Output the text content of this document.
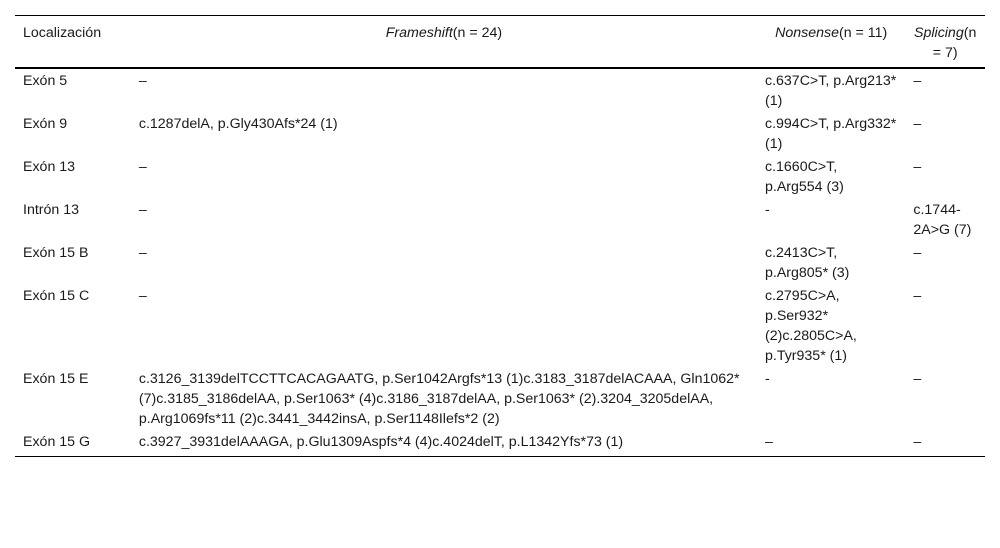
Localización	Frameshift(n = 24)	Nonsense(n = 11)	Splicing(n = 7)
Exón 5	–	c.637C>T, p.Arg213* (1)	–
Exón 9	c.1287delA, p.Gly430Afs*24 (1)	c.994C>T, p.Arg332* (1)	–
Exón 13	–	c.1660C>T, p.Arg554 (3)	–
Intrón 13	–	-	c.1744-2A>G (7)
Exón 15 B	–	c.2413C>T, p.Arg805* (3)	–
Exón 15 C	–	c.2795C>A, p.Ser932* (2)c.2805C>A, p.Tyr935* (1)	–
Exón 15 E	c.3126_3139delTCCTTCACAGAATG, p.Ser1042Argfs*13 (1)c.3183_3187delACAAA, Gln1062* (7)c.3185_3186delAA, p.Ser1063* (4)c.3186_3187delAA, p.Ser1063* (2).3204_3205delAA, p.Arg1069fs*11 (2)c.3441_3442insA, p.Ser1148Ilefs*2 (2)	-	–
Exón 15 G	c.3927_3931delAAAGA, p.Glu1309Aspfs*4 (4)c.4024delT, p.L1342Yfs*73 (1)	–	–
